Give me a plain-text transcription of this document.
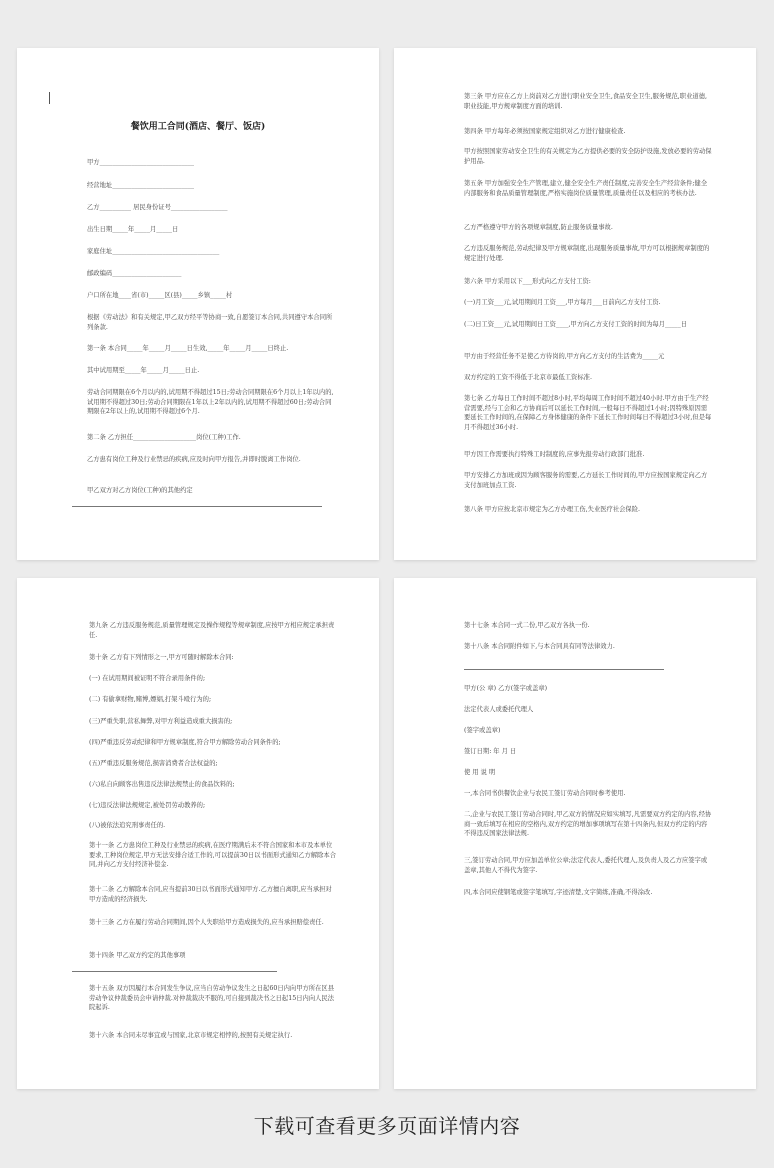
餐饮用工合同(酒店、餐厅、饭店)

甲方______________________________

经营地址__________________________

乙方__________ 居民身份证号__________________

出生日期_____年_____月_____日

家庭住址__________________________________

邮政编码______________________

户口所在地____省(市)_____区(县)_____乡镇_____村

根据《劳动法》和有关规定,甲乙双方经平等协商一致,自愿签订本合同,共同遵守本合同所列条款.

第一条 本合同_____年_____月_____日生效,_____年_____月_____日终止.

其中试用期至_____年_____月_____日止.

劳动合同期限在6个月以内的,试用期不得超过15日;劳动合同期限在6个月以上1年以内的,试用期不得超过30日;劳动合同期限在1年以上2年以内的,试用期不得超过60日;劳动合同期限在2年以上的,试用期不得超过6个月.

第二条 乙方担任____________________岗位(工种)工作.

乙方患有岗位工种及行业禁忌的疾病,应及时向甲方报告,并即时脱离工作岗位.

甲乙双方对乙方岗位(工种)的其他约定

第三条 甲方应在乙方上岗前对乙方进行职业安全卫生,食品安全卫生,服务规范,职业道德,职业技能,甲方规章制度方面的培训.

第四条 甲方每年必须按国家规定组织对乙方进行健康检查.

甲方按照国家劳动安全卫生的有关规定为乙方提供必要的安全防护设施,发放必要的劳动保护用品.

第五条 甲方加强安全生产管理,建立,健全安全生产责任制度,完善安全生产经营条件;健全内部服务和食品质量管理制度,严格实施岗位质量管理,质量责任以及相应的考核办法.

乙方严格遵守甲方的各项规章制度,防止服务质量事故.

乙方违反服务规范,劳动纪律及甲方规章制度,出现服务质量事故,甲方可以根据规章制度的规定进行处理.

第六条 甲方采用以下___形式向乙方支付工资:

(一)月工资___元,试用期间月工资___,甲方每月___日前向乙方支付工资.

(二)日工资___元,试用期间日工资____,甲方向乙方支付工资的时间为每月_____日

甲方由于经营任务不足使乙方待岗的,甲方向乙方支付的生活费为_____元

双方约定的工资不得低于北京市最低工资标准.

第七条 乙方每日工作时间不超过8小时,平均每周工作时间不超过40小时.甲方由于生产经营需要,经与工会和乙方协商后可以延长工作时间,一般每日不得超过1小时;因特殊原因需要延长工作时间的,在保障乙方身体健康的条件下延长工作时间每日不得超过3小时,但是每月不得超过36小时.

甲方因工作需要执行特殊工时制度的,应事先报劳动行政部门批准.

甲方安排乙方加班或因为顾客服务的需要,乙方延长工作时间的,甲方应按国家规定向乙方支付加班加点工资.

第八条 甲方应按北京市规定为乙方办理工伤,失业医疗社会保险.

第九条 乙方违反服务规范,质量管理规定及操作规程等规章制度,应按甲方相应规定承担责任.

第十条 乙方有下列情形之一,甲方可随时解除本合同:

(一) 在试用期间被证明不符合录用条件的;

(二) 有偷拿财物,赌博,嫖娼,打架斗殴行为的;

(三)严重失职,营私舞弊,对甲方利益造成重大损害的;

(四)严重违反劳动纪律和甲方规章制度,符合甲方解除劳动合同条件的;

(五)严重违反服务规范,损害消费者合法权益的;

(六)私自向顾客出售违反法律法规禁止的食品饮料的;

(七)违反法律法规规定,被处罚劳动教养的;

(八)被依法追究刑事责任的.

第十一条 乙方患岗位工种及行业禁忌的疾病,在医疗期满后未不符合国家和本市及本单位要求,工种岗位规定,甲方无法安排合适工作的,可以提前30日以书面形式通知乙方解除本合同,并向乙方支付经济补偿金.

第十二条 乙方解除本合同,应当提前30日以书面形式通知甲方.乙方擅自离职,应当承担对甲方造成的经济损失.

第十三条 乙方在履行劳动合同期间,因个人失职给甲方造成损失的,应当承担赔偿责任.

第十四条 甲乙双方约定的其他事项

第十五条 双方因履行本合同发生争议,应当自劳动争议发生之日起60日内向甲方所在区县劳动争议仲裁委员会申请仲裁.对仲裁裁决不服的,可自接到裁决书之日起15日内向人民法院起诉.

第十六条 本合同未尽事宜或与国家,北京市规定相悖的,按照有关规定执行.

第十七条 本合同一式二份,甲乙双方各执一份.

第十八条 本合同附件如下,与本合同具有同等法律效力.

甲方(公 章) 乙方(签字或盖章)

法定代表人或委托代理人

(签字或盖章)

签订日期: 年 月 日

使 用 说 明

一,本合同书供餐饮企业与农民工签订劳动合同时参考使用.

二,企业与农民工签订劳动合同时,甲乙双方的情况应如实填写,凡需要双方约定的内容,经协商一致后填写在相应的空格内,双方约定的增加事项填写在第十四条内,但双方约定的内容不得违反国家法律法规.

三,签订劳动合同,甲方应加盖单位公章;法定代表人,委托代理人,及负责人及乙方应签字或盖章,其他人不得代为签字.

四,本合同应使钢笔或签字笔填写,字迹清楚,文字简练,准确,不得涂改.

下载可查看更多页面详情内容
